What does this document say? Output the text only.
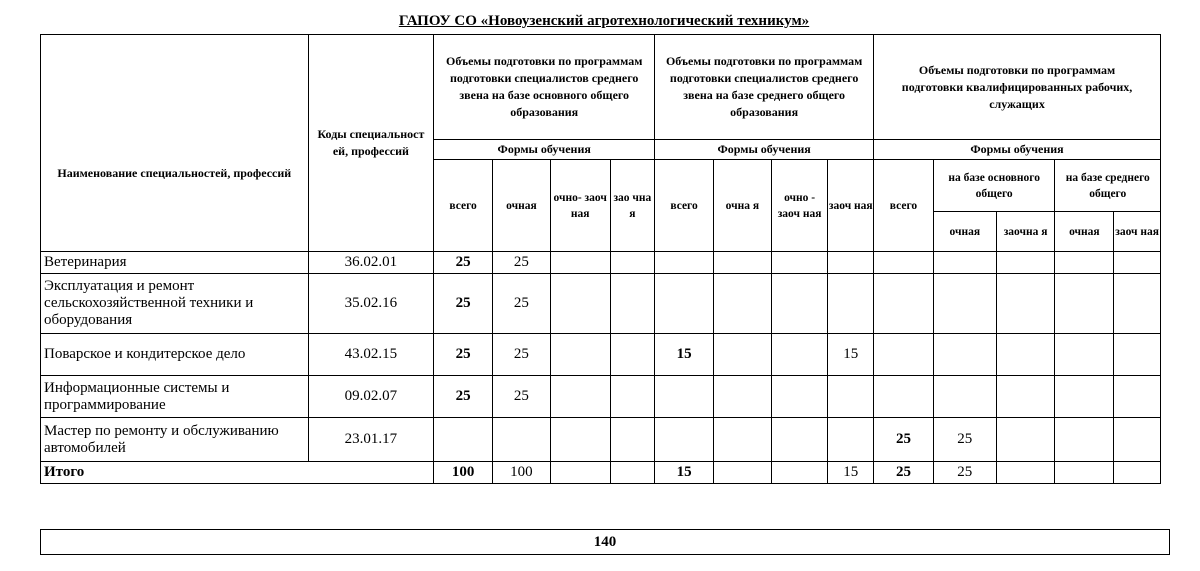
ГАПОУ СО «Новоузенский агротехнологический техникум»
Наименование специальностей, профессий	Коды специальност ей, профессий	Объемы подготовки по программам подготовки специалистов среднего звена на базе основного общего образования				Объемы подготовки по программам подготовки специалистов среднего звена на базе среднего общего образования				Объемы подготовки по программам подготовки квалифицированных рабочих, служащих				

		Формы обучения				Формы обучения				Формы обучения				
		всего	очная	очно- заоч ная	зао чна я	всего	очна я	очно - заоч ная	заоч ная	всего	на базе основного общего		на базе среднего общего	
											очная	заочна я	очная	заоч ная
Ветеринария	36.02.01	25	25											
Эксплуатация и ремонт сельскохозяйственной техники и оборудования	35.02.16	25	25											
Поварское и кондитерское дело	43.02.15	25	25			15			15					
Информационные системы и программирование	09.02.07	25	25											
Мастер по ремонту и обслуживанию автомобилей	23.01.17									25	25			
Итого		100	100			15			15	25	25			
140
